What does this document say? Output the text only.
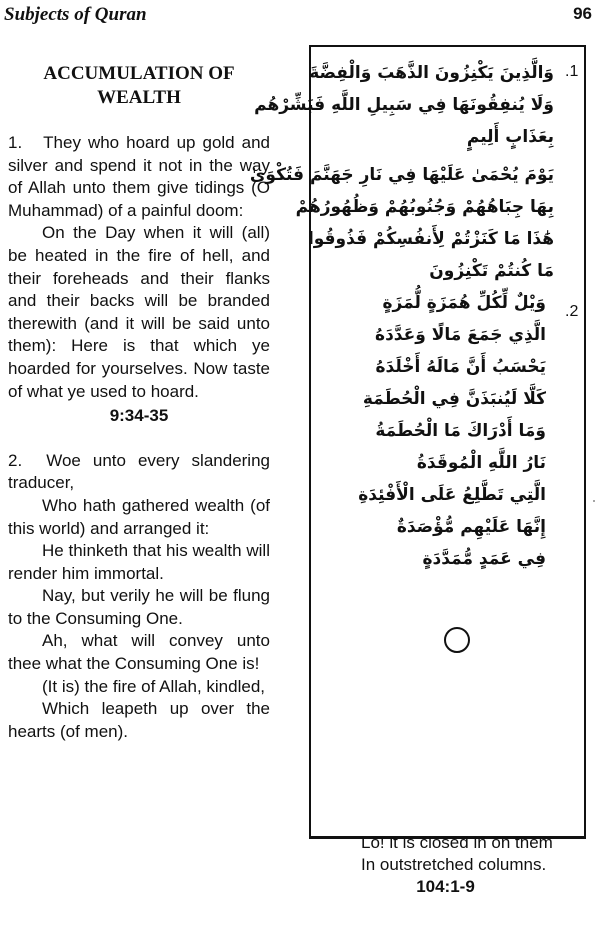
Subjects of Quran	96
ACCUMULATION OF
WEALTH

1.   They who hoard up gold and silver and spend it not in the way of Allah unto them give tidings (O Muhammad) of a painful doom:

On the Day when it will (all) be heated in the fire of hell, and their foreheads and their flanks and their backs will be branded therewith (and it will be said unto them): Here is that which ye hoarded for yourselves. Now taste of what ye used to hoard.

9:34-35

2.  Woe unto every slandering traducer,

Who hath gathered wealth (of this world) and arranged it:

He thinketh that his wealth will render him immortal.

Nay, but verily he will be flung to the Consuming One.

Ah, what will convey unto thee what the Consuming One is!

(It is) the fire of Allah, kindled,

Which leapeth up over the hearts (of men).

.1
وَالَّذِينَ يَكْنِزُونَ الذَّهَبَ وَالْفِضَّةَ
وَلَا يُنفِقُونَهَا فِي سَبِيلِ اللَّهِ فَبَشِّرْهُم
بِعَذَابٍ أَلِيمٍ
يَوْمَ يُحْمَىٰ عَلَيْهَا فِي نَارِ جَهَنَّمَ فَتُكْوَىٰ
بِهَا جِبَاهُهُمْ وَجُنُوبُهُمْ وَظُهُورُهُمْ
هَٰذَا مَا كَنَزْتُمْ لِأَنفُسِكُمْ فَذُوقُوا
مَا كُنتُمْ تَكْنِزُونَ
.2
وَيْلٌ لِّكُلِّ هُمَزَةٍ لُّمَزَةٍ
الَّذِي جَمَعَ مَالًا وَعَدَّدَهُ
يَحْسَبُ أَنَّ مَالَهُ أَخْلَدَهُ
كَلَّا لَيُنبَذَنَّ فِي الْحُطَمَةِ
وَمَا أَدْرَاكَ مَا الْحُطَمَةُ
نَارُ اللَّهِ الْمُوقَدَةُ
الَّتِي تَطَّلِعُ عَلَى الْأَفْئِدَةِ
إِنَّهَا عَلَيْهِم مُّؤْصَدَةٌ
فِي عَمَدٍ مُّمَدَّدَةٍ

Lo! it is closed in on them

In outstretched columns.

104:1-9
